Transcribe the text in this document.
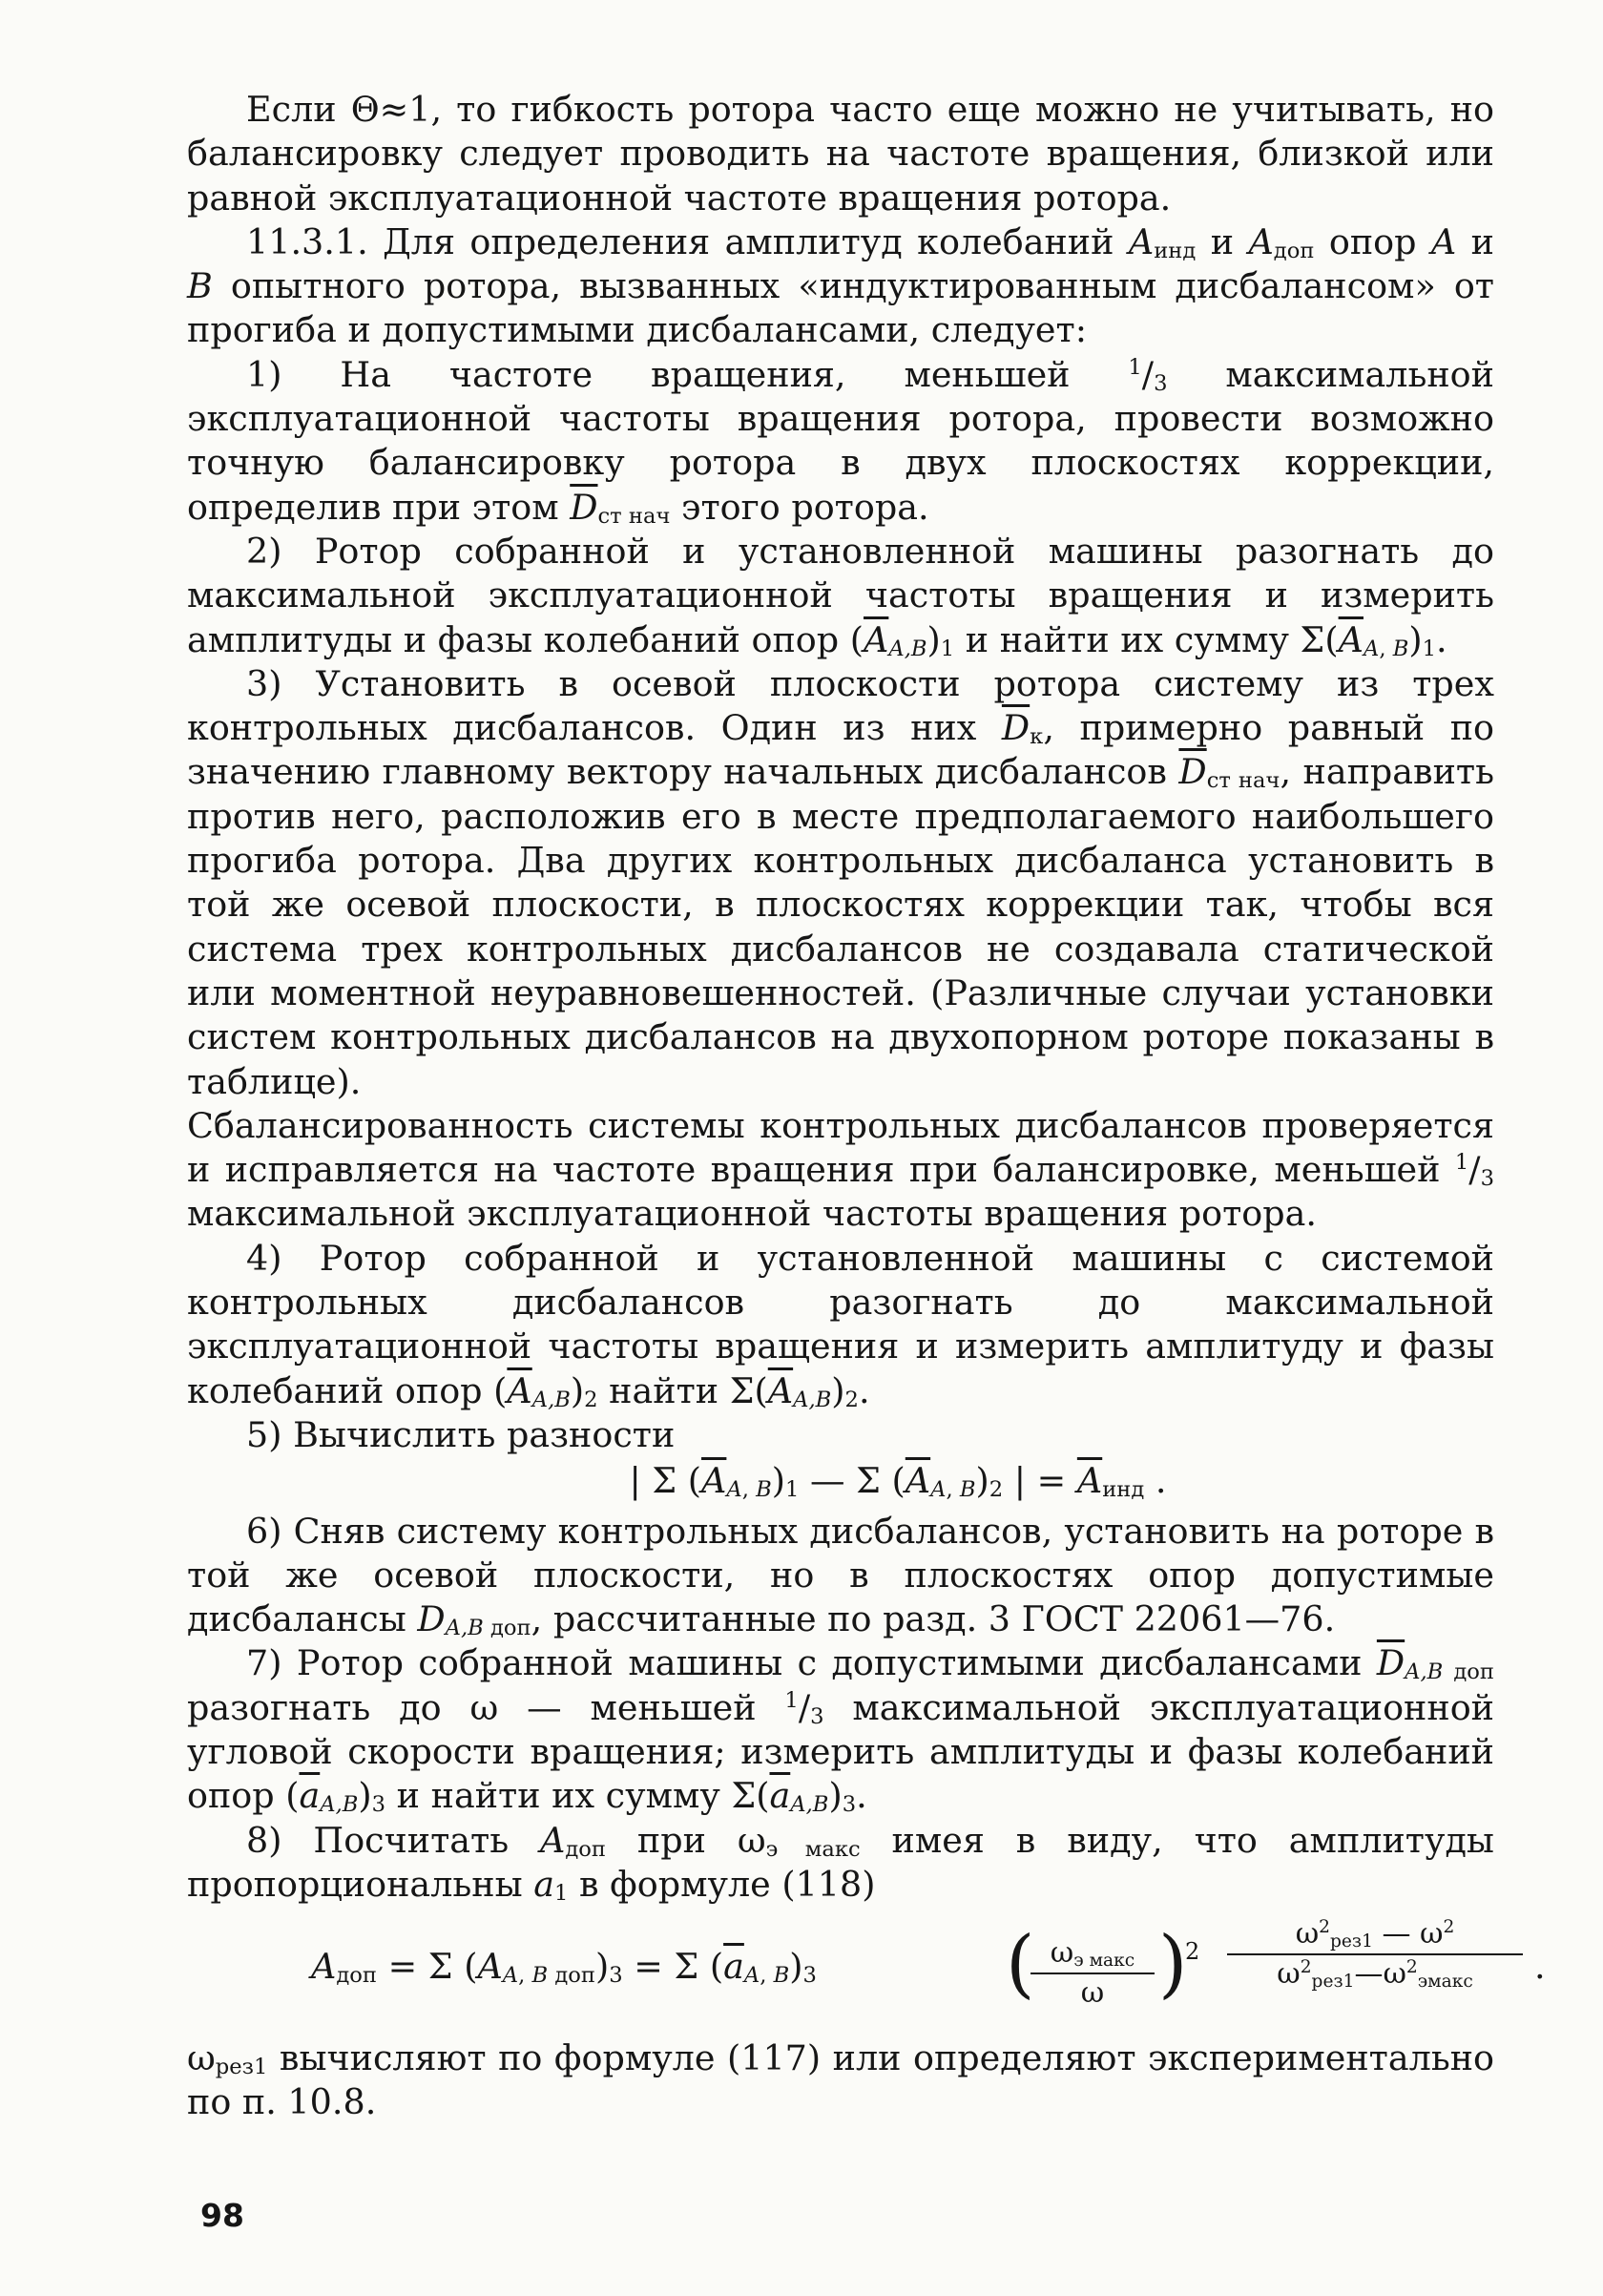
Если Θ≈1, то гибкость ротора часто еще можно не учитывать, но балансировку следует проводить на частоте вращения, близкой или равной эксплуатационной частоте вращения ротора.

11.3.1. Для определения амплитуд колебаний $A_{инд}$ и $A_{доп}$ опор A и B опытного ротора, вызванных «индуктированным дисбалансом» от прогиба и допустимыми дисбалансами, следует:

1) На частоте вращения, меньшей $^1/_3$ максимальной эксплуатационной частоты вращения ротора, провести возможно точную балансировку ротора в двух плоскостях коррекции, определив при этом $\overline{D}_{ст нач}$ этого ротора.

2) Ротор собранной и установленной машины разогнать до максимальной эксплуатационной частоты вращения и измерить амплитуды и фазы колебаний опор $(\overline{A}_{A,B})_1$ и найти их сумму $\Sigma(\overline{A}_{A, B})_1$.

3) Установить в осевой плоскости ротора систему из трех контрольных дисбалансов. Один из них $\overline{D}_к$, примерно равный по значению главному вектору начальных дисбалансов $\overline{D}_{ст нач}$, направить против него, расположив его в месте предполагаемого наибольшего прогиба ротора. Два других контрольных дисбаланса установить в той же осевой плоскости, в плоскостях коррекции так, чтобы вся система трех контрольных дисбалансов не создавала статической или моментной неуравновешенностей. (Различные случаи установки систем контрольных дисбалансов на двухопорном роторе показаны в таблице).

Сбалансированность системы контрольных дисбалансов проверяется и исправляется на частоте вращения при балансировке, меньшей $^1/_3$ максимальной эксплуатационной частоты вращения ротора.

4) Ротор собранной и установленной машины с системой контрольных дисбалансов разогнать до максимальной эксплуатационной частоты вращения и измерить амплитуду и фазы колебаний опор $(\overline{A}_{A,B})_2$ найти $\Sigma(\overline{A}_{A,B})_2$.

5) Вычислить разности

| Σ $(\overline{A}_{A, B})_1$ — Σ $(\overline{A}_{A, B})_2$ | = $\overline{A}_{инд}$ .

6) Сняв систему контрольных дисбалансов, установить на роторе в той же осевой плоскости, но в плоскостях опор допустимые дисбалансы $D_{A,B доп}$, рассчитанные по разд. 3 ГОСТ 22061—76.

7) Ротор собранной машины с допустимыми дисбалансами $\overline{D}_{A,B доп}$ разогнать до ω — меньшей $^1/_3$ максимальной эксплуатационной угловой скорости вращения; измерить амплитуды и фазы колебаний опор $(\overline{a}_{A,B})_3$ и найти их сумму $\Sigma(\overline{a}_{A,B})_3$.

8) Посчитать $A_{доп}$ при $\omega_{э макс}$ имея в виду, что амплитуды пропорциональны $a_1$ в формуле (118)

$A_{доп} = \Sigma$ $(A_{A, B доп})_3 = \Sigma$ $(\overline{a}_{A, B})_3$	( $\omega_{э макс}$
ω )
2
$\omega^2_{рез1}$ — $\omega^2$
$\omega^2_{рез1}—\omega^2_{эмакс}$	.

$\omega_{рез1}$ вычисляют по формуле (117) или определяют экспериментально по п. 10.8.

98
